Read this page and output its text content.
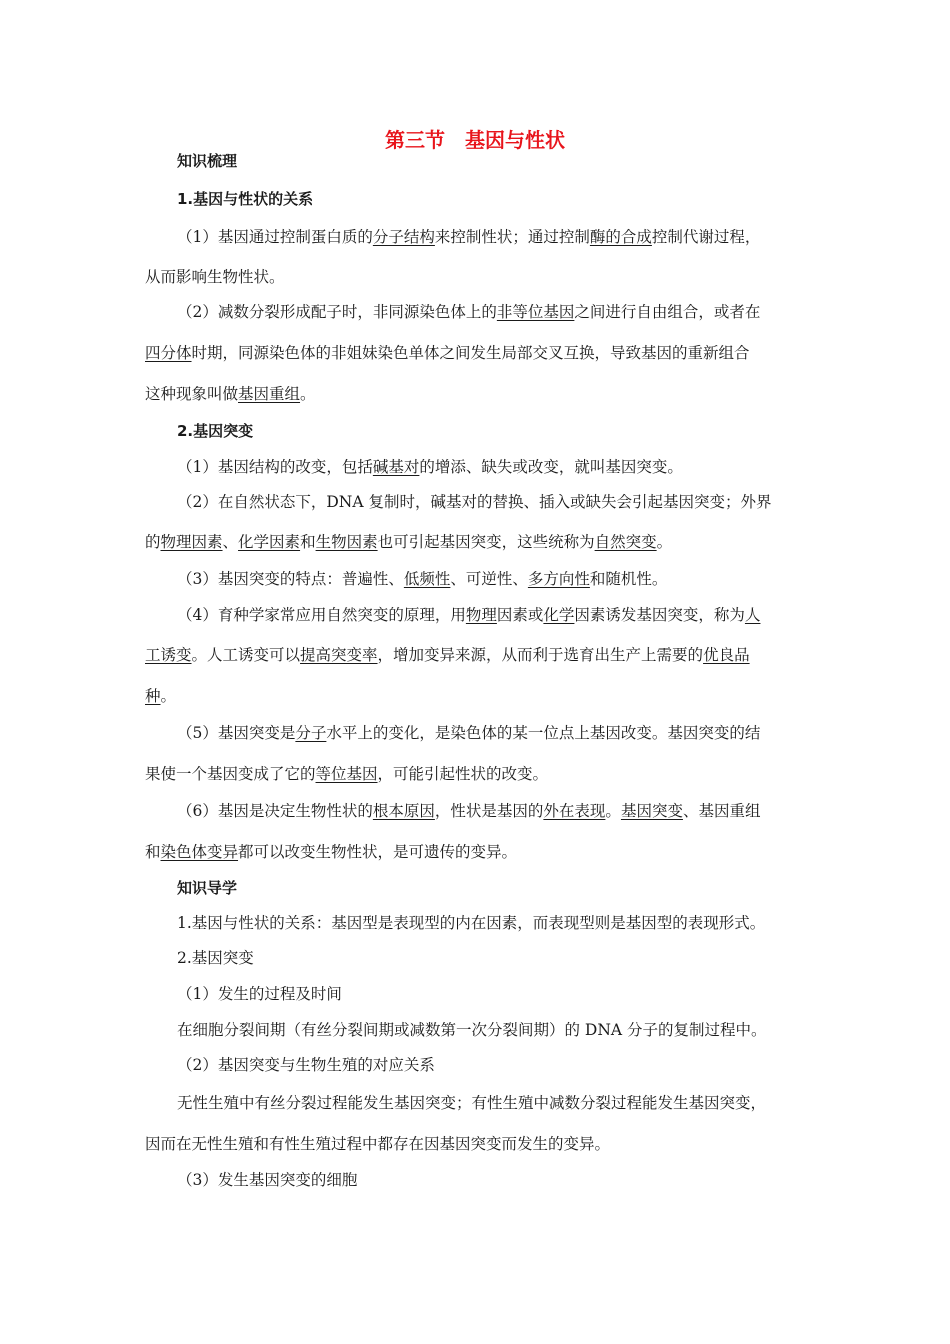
第三节　基因与性状
知识梳理
1.基因与性状的关系
（1）基因通过控制蛋白质的分子结构来控制性状；通过控制酶的合成控制代谢过程，
从而影响生物性状。
（2）减数分裂形成配子时，非同源染色体上的非等位基因之间进行自由组合，或者在
四分体时期，同源染色体的非姐妹染色单体之间发生局部交叉互换，导致基因的重新组合
这种现象叫做基因重组。
2.基因突变
（1）基因结构的改变，包括碱基对的增添、缺失或改变，就叫基因突变。
（2）在自然状态下，DNA 复制时，碱基对的替换、插入或缺失会引起基因突变；外界
的物理因素、化学因素和生物因素也可引起基因突变，这些统称为自然突变。
（3）基因突变的特点：普遍性、低频性、可逆性、多方向性和随机性。
（4）育种学家常应用自然突变的原理，用物理因素或化学因素诱发基因突变，称为人
工诱变。人工诱变可以提高突变率，增加变异来源，从而利于选育出生产上需要的优良品
种。
（5）基因突变是分子水平上的变化，是染色体的某一位点上基因改变。基因突变的结
果使一个基因变成了它的等位基因，可能引起性状的改变。
（6）基因是决定生物性状的根本原因，性状是基因的外在表现。基因突变、基因重组
和染色体变异都可以改变生物性状，是可遗传的变异。
知识导学
1.基因与性状的关系：基因型是表现型的内在因素，而表现型则是基因型的表现形式。
2.基因突变
（1）发生的过程及时间
在细胞分裂间期（有丝分裂间期或减数第一次分裂间期）的 DNA 分子的复制过程中。
（2）基因突变与生物生殖的对应关系
无性生殖中有丝分裂过程能发生基因突变；有性生殖中减数分裂过程能发生基因突变，
因而在无性生殖和有性生殖过程中都存在因基因突变而发生的变异。
（3）发生基因突变的细胞
